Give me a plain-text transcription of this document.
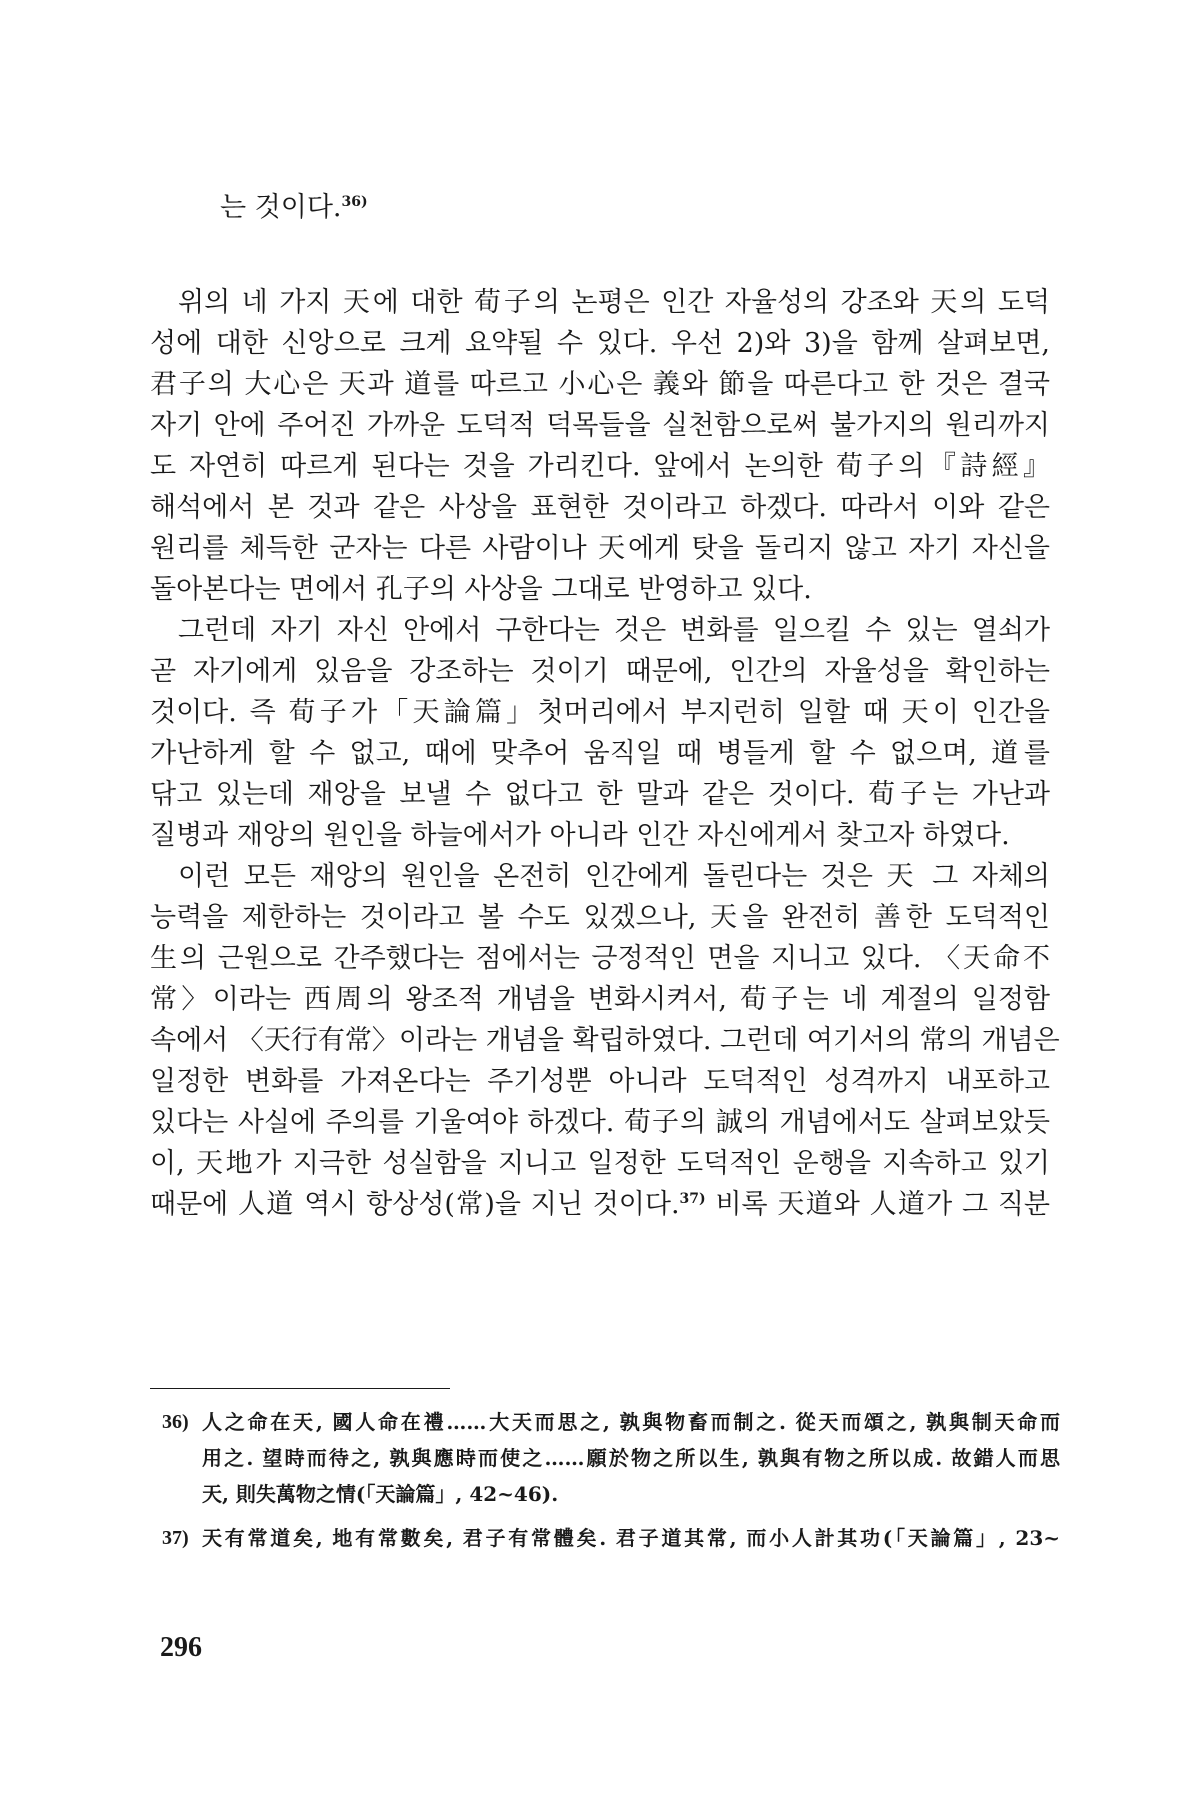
는 것이다.$^{36)}$
위의 네 가지 天에 대한 荀子의 논평은 인간 자율성의 강조와 天의 도덕
성에 대한 신앙으로 크게 요약될 수 있다. 우선 2)와 3)을 함께 살펴보면,
君子의 大心은 天과 道를 따르고 小心은 義와 節을 따른다고 한 것은 결국
자기 안에 주어진 가까운 도덕적 덕목들을 실천함으로써 불가지의 원리까지
도 자연히 따르게 된다는 것을 가리킨다. 앞에서 논의한 荀子의『詩經』
해석에서 본 것과 같은 사상을 표현한 것이라고 하겠다. 따라서 이와 같은
원리를 체득한 군자는 다른 사람이나 天에게 탓을 돌리지 않고 자기 자신을
돌아본다는 면에서 孔子의 사상을 그대로 반영하고 있다.
그런데 자기 자신 안에서 구한다는 것은 변화를 일으킬 수 있는 열쇠가
곧 자기에게 있음을 강조하는 것이기 때문에, 인간의 자율성을 확인하는
것이다. 즉 荀子가「天論篇」첫머리에서 부지런히 일할 때 天이 인간을
가난하게 할 수 없고, 때에 맞추어 움직일 때 병들게 할 수 없으며, 道를
닦고 있는데 재앙을 보낼 수 없다고 한 말과 같은 것이다. 荀子는 가난과
질병과 재앙의 원인을 하늘에서가 아니라 인간 자신에게서 찾고자 하였다.
이런 모든 재앙의 원인을 온전히 인간에게 돌린다는 것은 天 그 자체의
능력을 제한하는 것이라고 볼 수도 있겠으나, 天을 완전히 善한 도덕적인
生의 근원으로 간주했다는 점에서는 긍정적인 면을 지니고 있다. 〈天命不
常〉이라는 西周의 왕조적 개념을 변화시켜서, 荀子는 네 계절의 일정함
속에서 〈天行有常〉이라는 개념을 확립하였다. 그런데 여기서의 常의 개념은
일정한 변화를 가져온다는 주기성뿐 아니라 도덕적인 성격까지 내포하고
있다는 사실에 주의를 기울여야 하겠다. 荀子의 誠의 개념에서도 살펴보았듯
이, 天地가 지극한 성실함을 지니고 일정한 도덕적인 운행을 지속하고 있기
때문에 人道 역시 항상성(常)을 지닌 것이다.$^{37)}$ 비록 天道와 人道가 그 직분
36) 人之命在天, 國人命在禮……大天而思之, 孰與物畜而制之. 從天而頌之, 孰與制天命而
用之. 望時而待之, 孰與應時而使之……願於物之所以生, 孰與有物之所以成. 故錯人而思
天, 則失萬物之情(「天論篇」, 42~46).
37) 天有常道矣, 地有常數矣, 君子有常體矣. 君子道其常, 而小人計其功(「天論篇」, 23~
296
